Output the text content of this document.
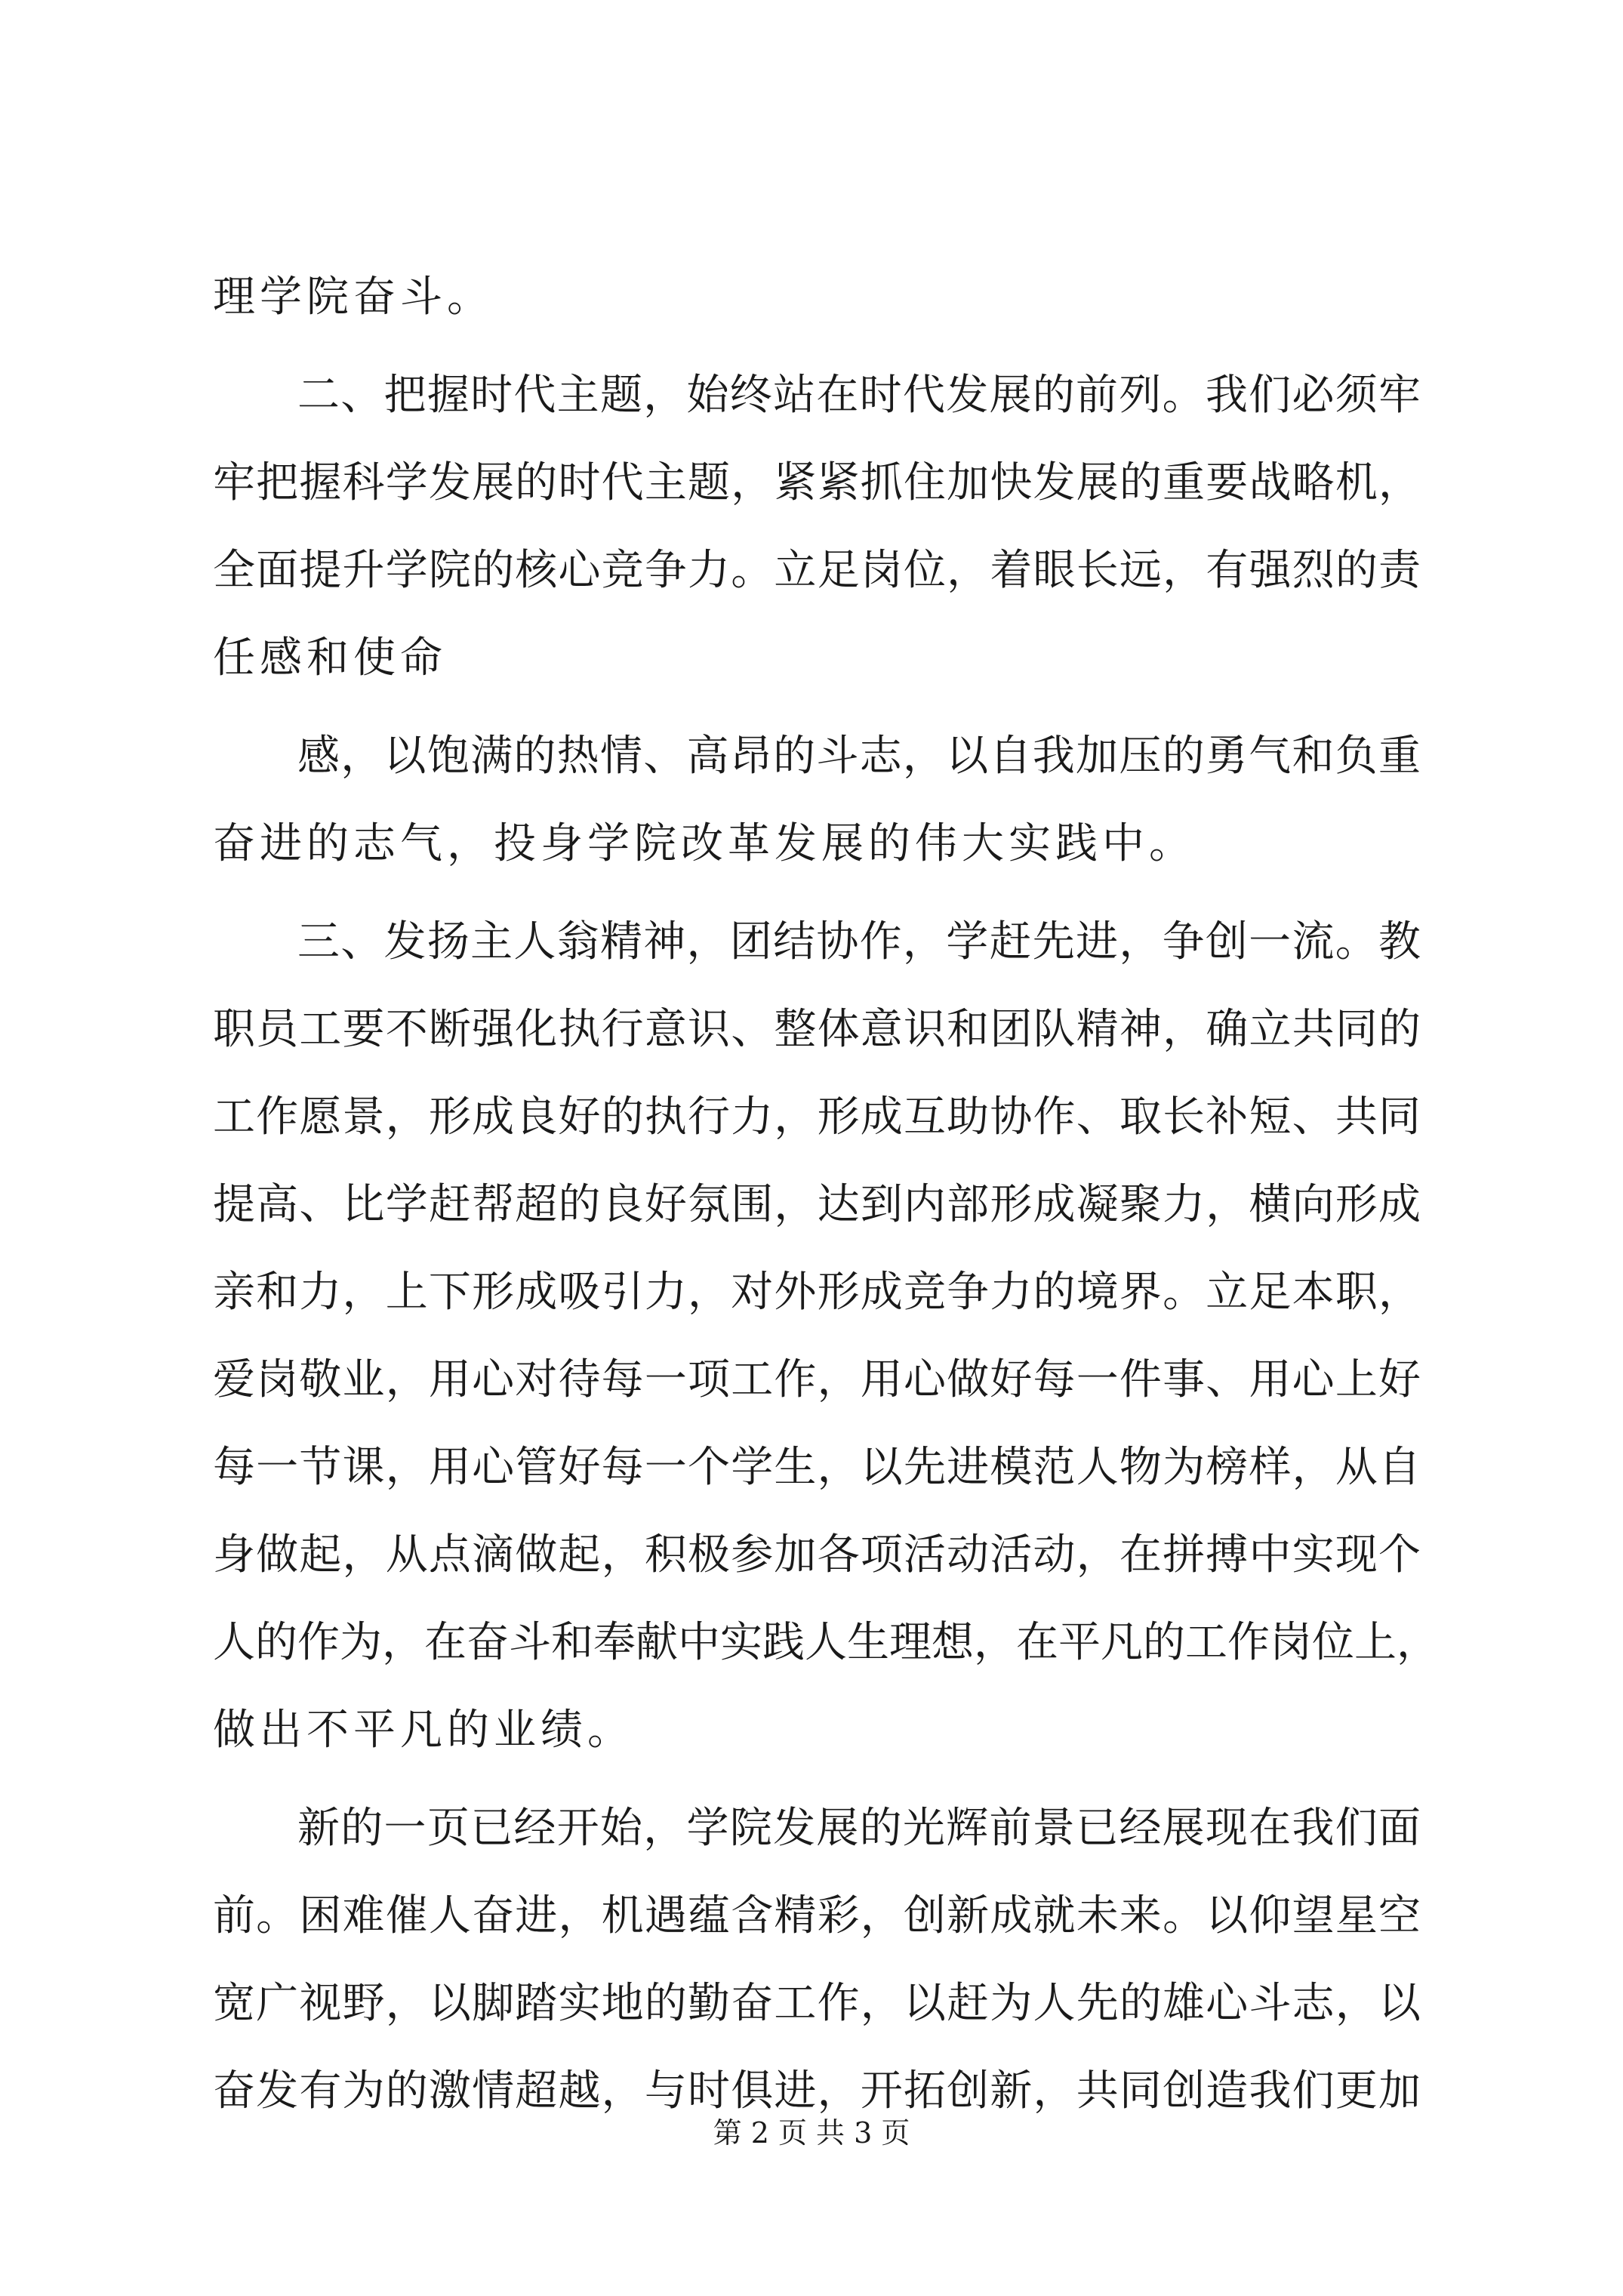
理学院奋斗。
二、把握时代主题，始终站在时代发展的前列。我们必须牢
牢把握科学发展的时代主题，紧紧抓住加快发展的重要战略机，
全面提升学院的核心竞争力。立足岗位，着眼长远，有强烈的责
任感和使命
感，以饱满的热情、高昂的斗志，以自我加压的勇气和负重
奋进的志气，投身学院改革发展的伟大实践中。
三、发扬主人翁精神，团结协作，学赶先进，争创一流。教
职员工要不断强化执行意识、整体意识和团队精神，确立共同的
工作愿景，形成良好的执行力，形成互助协作、取长补短、共同
提高、比学赶帮超的良好氛围，达到内部形成凝聚力，横向形成
亲和力，上下形成吸引力，对外形成竞争力的境界。立足本职，
爱岗敬业，用心对待每一项工作，用心做好每一件事、用心上好
每一节课，用心管好每一个学生，以先进模范人物为榜样，从自
身做起，从点滴做起，积极参加各项活动活动，在拼搏中实现个
人的作为，在奋斗和奉献中实践人生理想，在平凡的工作岗位上，
做出不平凡的业绩。
新的一页已经开始，学院发展的光辉前景已经展现在我们面
前。困难催人奋进，机遇蕴含精彩，创新成就未来。以仰望星空
宽广视野，以脚踏实地的勤奋工作，以赶为人先的雄心斗志，以
奋发有为的激情超越，与时俱进，开拓创新，共同创造我们更加
第 2 页 共 3 页
